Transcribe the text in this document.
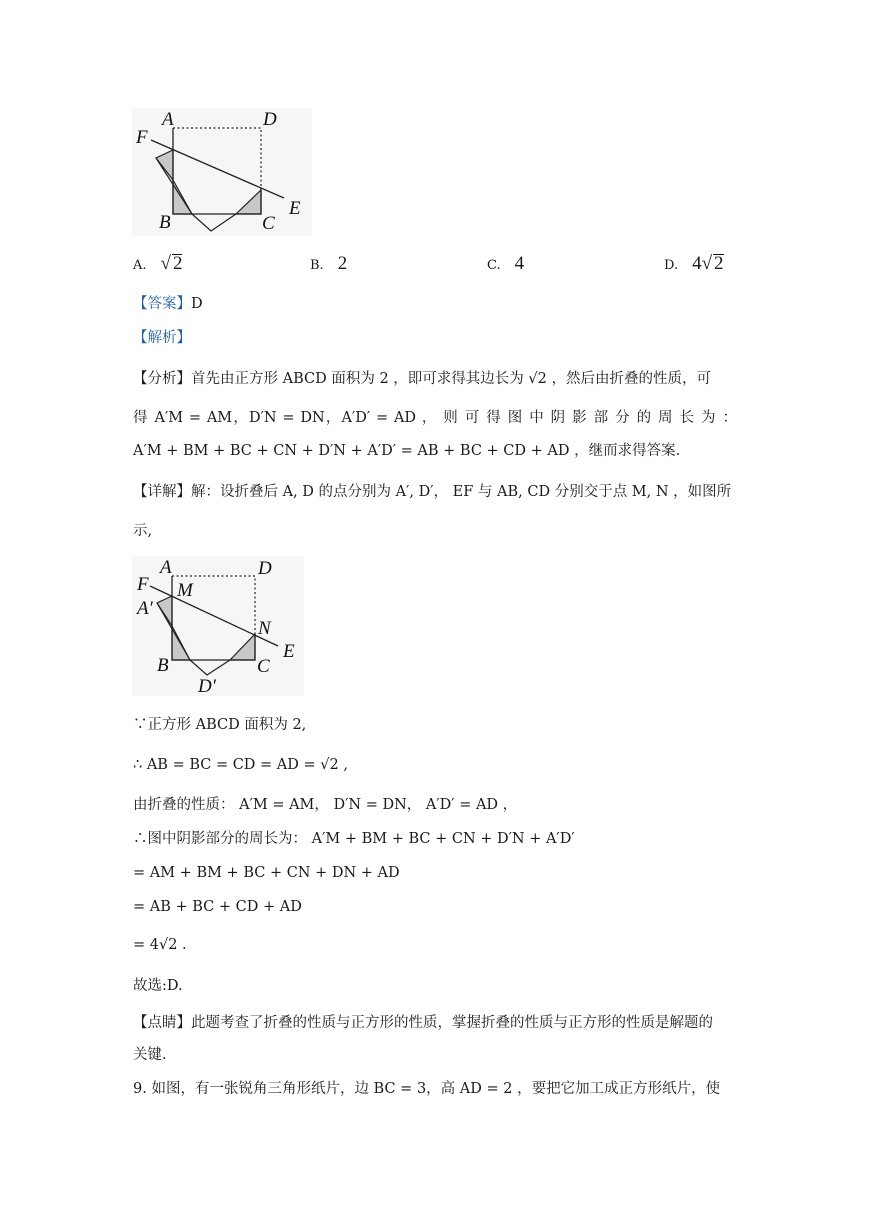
A	D
F
E
B	C
A. √ 2	B. 2	C. 4	D. 4√ 2
【答案】D
【解析】
【分析】首先由正方形 ABCD 面积为 2 ，即可求得其边长为 √2 ，然后由折叠的性质，可
得 A′M = AM，D′N = DN，A′D′ = AD ， 则 可 得 图 中 阴 影 部 分 的 周 长 为 ：
A′M + BM + BC + CN + D′N + A′D′ = AB + BC + CD + AD ，继而求得答案.
【详解】解：设折叠后 A, D 的点分别为 A′, D′， EF 与 AB, CD 分别交于点 M, N ，如图所
示,
A	D
F M
A′
N
E
B	C
D′
∵正方形 ABCD 面积为 2,
∴ AB = BC = CD = AD = √2 ,
由折叠的性质： A′M = AM， D′N = DN， A′D′ = AD ，
∴图中阴影部分的周长为： A′M + BM + BC + CN + D′N + A′D′
= AM + BM + BC + CN + DN + AD
= AB + BC + CD + AD
= 4√2 .
故选:D.
【点睛】此题考查了折叠的性质与正方形的性质，掌握折叠的性质与正方形的性质是解题的
关键.
9. 如图，有一张锐角三角形纸片，边 BC = 3，高 AD = 2 ，要把它加工成正方形纸片，使
